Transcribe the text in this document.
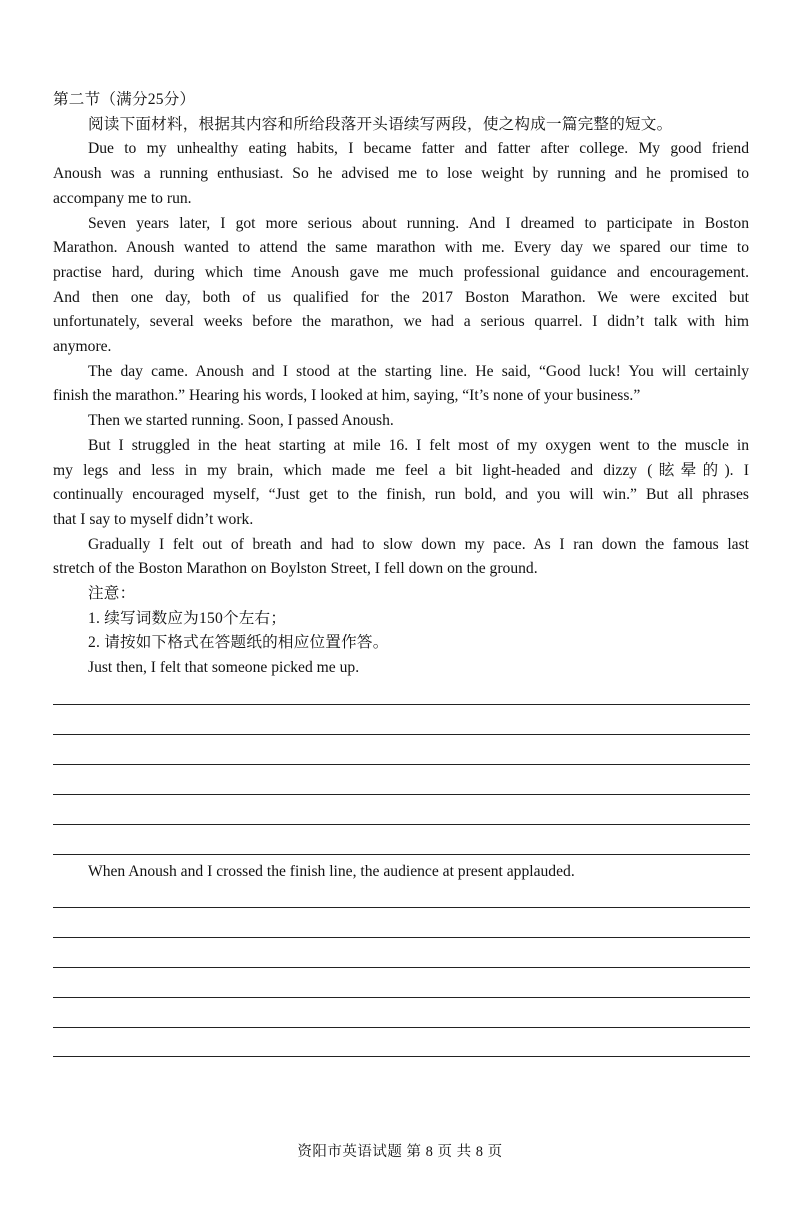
第二节（满分25分）
阅读下面材料，根据其内容和所给段落开头语续写两段，使之构成一篇完整的短文。
Due to my unhealthy eating habits, I became fatter and fatter after college. My good friend
Anoush was a running enthusiast. So he advised me to lose weight by running and he promised to
accompany me to run.
Seven years later, I got more serious about running. And I dreamed to participate in Boston
Marathon. Anoush wanted to attend the same marathon with me. Every day we spared our time to
practise hard, during which time Anoush gave me much professional guidance and encouragement.
And then one day, both of us qualified for the 2017 Boston Marathon. We were excited but
unfortunately, several weeks before the marathon, we had a serious quarrel. I didn’t talk with him
anymore.
The day came. Anoush and I stood at the starting line. He said, “Good luck! You will certainly
finish the marathon.” Hearing his words, I looked at him, saying, “It’s none of your business.”
Then we started running. Soon, I passed Anoush.
But I struggled in the heat starting at mile 16. I felt most of my oxygen went to the muscle in
my legs and less in my brain, which made me feel a bit light-headed and dizzy (眩晕的). I
continually encouraged myself, “Just get to the finish, run bold, and you will win.” But all phrases
that I say to myself didn’t work.
Gradually I felt out of breath and had to slow down my pace. As I ran down the famous last
stretch of the Boston Marathon on Boylston Street, I fell down on the ground.
注意：
1. 续写词数应为150个左右；
2. 请按如下格式在答题纸的相应位置作答。
Just then, I felt that someone picked me up.
When Anoush and I crossed the finish line, the audience at present applauded.
资阳市英语试题 第 8 页 共 8 页
